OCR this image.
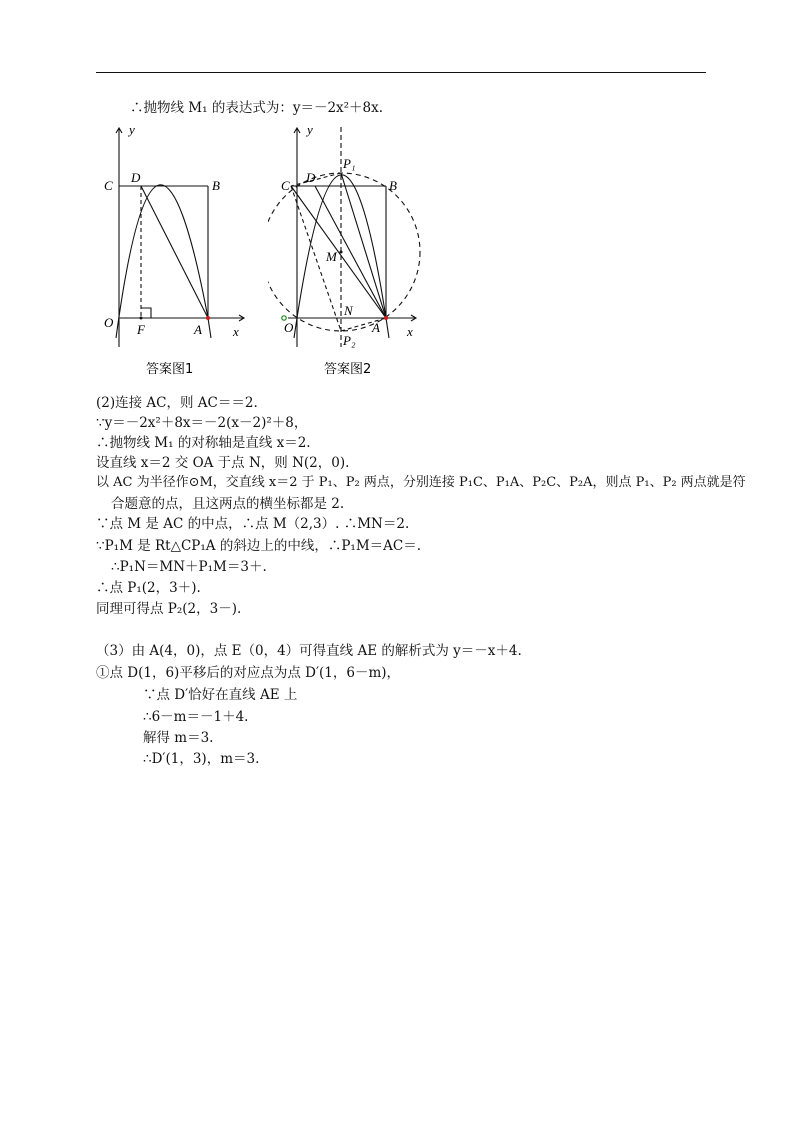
∴抛物线 M₁ 的表达式为：y＝－2x²＋8x.
y
x
O
C
D
B
F	A
答案图1
y
x
O
C
D
B
P₁
M
N
A
P₂
答案图2
(2)连接 AC，则 AC＝＝2.
∵y＝－2x²＋8x＝－2(x－2)²＋8，
∴抛物线 M₁ 的对称轴是直线 x＝2.
设直线 x＝2 交 OA 于点 N，则 N(2，0).
以 AC 为半径作⊙M，交直线 x＝2 于 P₁、P₂ 两点，分别连接 P₁C、P₁A、P₂C、P₂A，则点 P₁、P₂ 两点就是符
合题意的点，且这两点的横坐标都是 2.
∵点 M 是 AC 的中点，∴点 M（2,3）. ∴MN＝2.
∵P₁M 是 Rt△CP₁A 的斜边上的中线，∴P₁M＝AC＝.
∴P₁N＝MN＋P₁M＝3＋.
∴点 P₁(2，3＋).
同理可得点 P₂(2，3－).
（3）由 A(4，0)，点 E（0，4）可得直线 AE 的解析式为 y＝－x＋4.
①点 D(1，6)平移后的对应点为点 D′(1，6－m)，
∵点 D′恰好在直线 AE 上
∴6－m＝－1＋4.
解得 m＝3.
∴D′(1，3)，m＝3.
